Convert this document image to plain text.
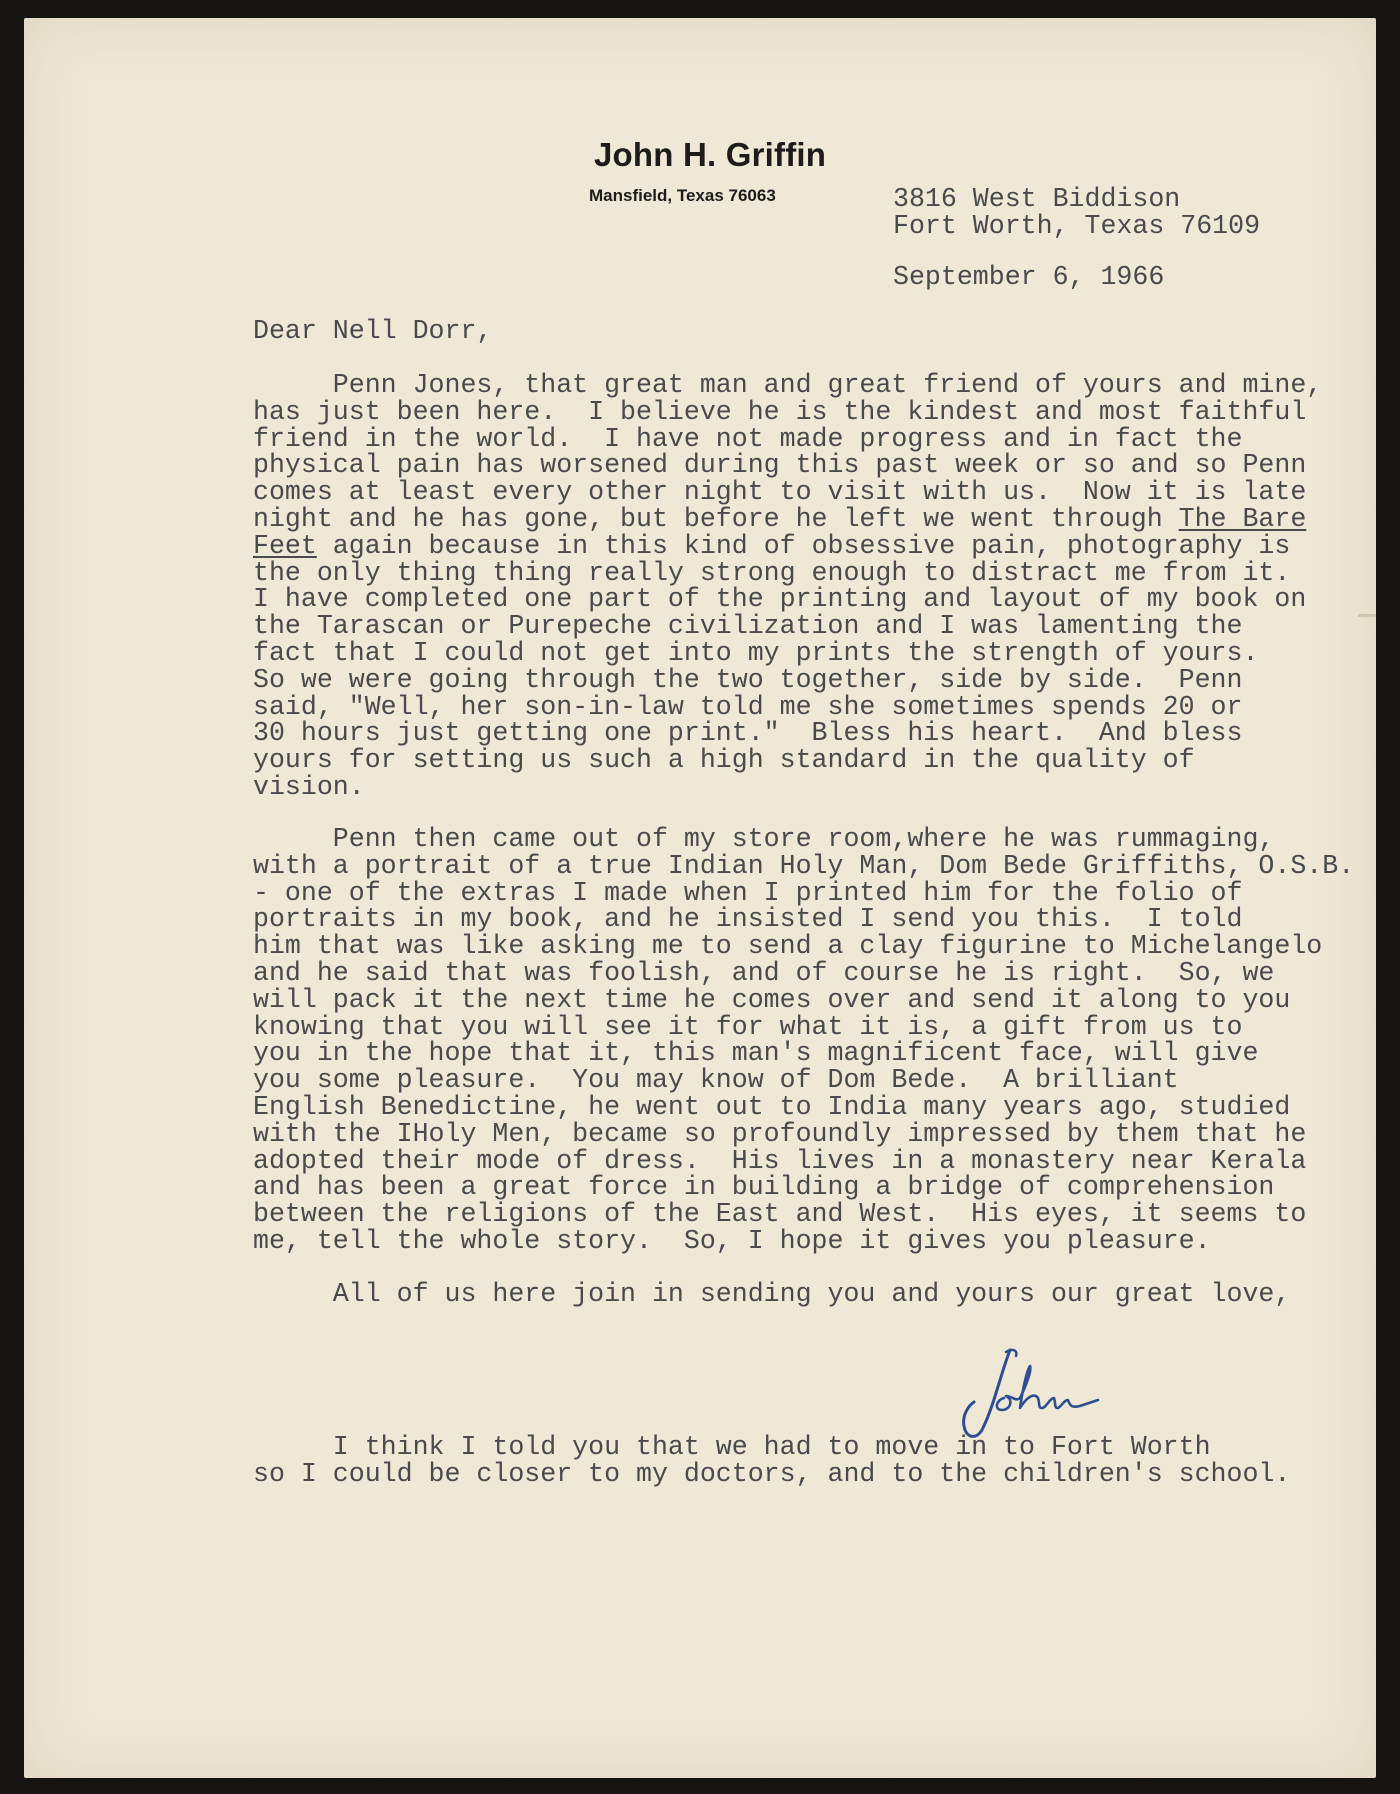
John H. Griffin
Mansfield, Texas 76063	3816 West Biddison
Fort Worth, Texas 76109
September 6, 1966
Dear Nell Dorr,
Penn Jones, that great man and great friend of yours and mine,
has just been here.  I believe he is the kindest and most faithful
friend in the world.  I have not made progress and in fact the
physical pain has worsened during this past week or so and so Penn
comes at least every other night to visit with us.  Now it is late
night and he has gone, but before he left we went through The Bare
Feet again because in this kind of obsessive pain, photography is
the only thing thing really strong enough to distract me from it.
I have completed one part of the printing and layout of my book on
the Tarascan or Purepeche civilization and I was lamenting the
fact that I could not get into my prints the strength of yours.
So we were going through the two together, side by side.  Penn
said, "Well, her son-in-law told me she sometimes spends 20 or
30 hours just getting one print."  Bless his heart.  And bless
yours for setting us such a high standard in the quality of
vision.
Penn then came out of my store room,where he was rummaging,
with a portrait of a true Indian Holy Man, Dom Bede Griffiths, O.S.B.
- one of the extras I made when I printed him for the folio of
portraits in my book, and he insisted I send you this.  I told
him that was like asking me to send a clay figurine to Michelangelo
and he said that was foolish, and of course he is right.  So, we
will pack it the next time he comes over and send it along to you
knowing that you will see it for what it is, a gift from us to
you in the hope that it, this man's magnificent face, will give
you some pleasure.  You may know of Dom Bede.  A brilliant
English Benedictine, he went out to India many years ago, studied
with the IHoly Men, became so profoundly impressed by them that he
adopted their mode of dress.  His lives in a monastery near Kerala
and has been a great force in building a bridge of comprehension
between the religions of the East and West.  His eyes, it seems to
me, tell the whole story.  So, I hope it gives you pleasure.
All of us here join in sending you and yours our great love,
I think I told you that we had to move in to Fort Worth
so I could be closer to my doctors, and to the children's school.
